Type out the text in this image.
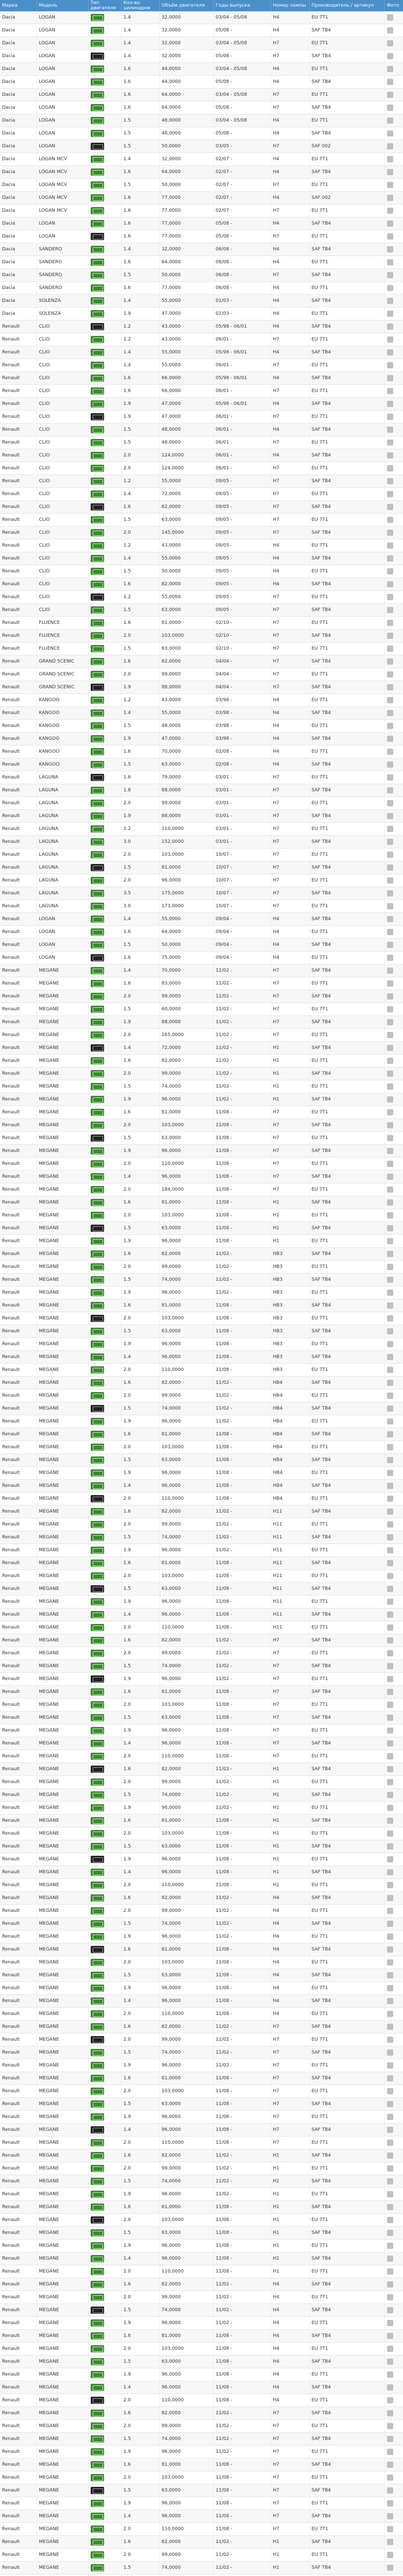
Марка	Модель	Тип двигателя	Кол-во цилиндров	Объём двигателя	Годы выпуска	Номер лампы	Производитель / артикул	Фото
Dacia	LOGAN		1.4	32,0000	03/04 - 05/08	H4	EU 7T1	
Dacia	LOGAN		1.4	32,0000	05/08 -	H4	SAF TB4	
Dacia	LOGAN		1.4	32,0000	03/04 - 05/08	H7	EU 7T1	
Dacia	LOGAN		1.4	32,0000	05/08 -	H7	SAF TB4	
Dacia	LOGAN		1.6	44,0000	03/04 - 05/08	H4	EU 7T1	
Dacia	LOGAN		1.6	44,0000	05/08 -	H4	SAF TB4	
Dacia	LOGAN		1.6	64,0000	03/04 - 05/08	H7	EU 7T1	
Dacia	LOGAN		1.6	64,0000	05/08 -	H7	SAF TB4	
Dacia	LOGAN		1.5	48,0000	03/04 - 05/08	H4	EU 7T1	
Dacia	LOGAN		1.5	48,0000	05/08 -	H4	SAF TB4	
Dacia	LOGAN		1.5	50,0000	03/05 -	H7	SAF 002	
Dacia	LOGAN MCV		1.4	32,0000	02/07 -	H4	EU 7T1	
Dacia	LOGAN MCV		1.6	64,0000	02/07 -	H4	SAF TB4	
Dacia	LOGAN MCV		1.5	50,0000	02/07 -	H7	EU 7T1	
Dacia	LOGAN MCV		1.6	77,0000	02/07 -	H4	SAF 002	
Dacia	LOGAN MCV		1.6	77,0000	02/07 -	H7	EU 7T1	
Dacia	LOGAN		1.6	77,0000	05/08 -	H4	SAF TB4	
Dacia	LOGAN		1.6	77,0000	05/08 -	H7	EU 7T1	
Dacia	SANDERO		1.4	32,0000	06/08 -	H4	SAF TB4	
Dacia	SANDERO		1.6	64,0000	06/08 -	H4	EU 7T1	
Dacia	SANDERO		1.5	50,0000	06/08 -	H7	SAF TB4	
Dacia	SANDERO		1.6	77,0000	06/08 -	H4	EU 7T1	
Dacia	SOLENZA		1.4	55,0000	01/03 -	H4	SAF TB4	
Dacia	SOLENZA		1.9	47,0000	01/03 -	H4	EU 7T1	
Renault	CLIO		1.2	43,0000	05/98 - 06/01	H4	SAF TB4	
Renault	CLIO		1.2	43,0000	06/01 -	H7	EU 7T1	
Renault	CLIO		1.4	55,0000	05/98 - 06/01	H4	SAF TB4	
Renault	CLIO		1.4	55,0000	06/01 -	H7	EU 7T1	
Renault	CLIO		1.6	66,0000	05/98 - 06/01	H4	SAF TB4	
Renault	CLIO		1.6	66,0000	06/01 -	H7	EU 7T1	
Renault	CLIO		1.9	47,0000	05/98 - 06/01	H4	SAF TB4	
Renault	CLIO		1.9	47,0000	06/01 -	H7	EU 7T1	
Renault	CLIO		1.5	48,0000	06/01 -	H4	SAF TB4	
Renault	CLIO		1.5	48,0000	06/01 -	H7	EU 7T1	
Renault	CLIO		2.0	124,0000	06/01 -	H4	SAF TB4	
Renault	CLIO		2.0	124,0000	06/01 -	H7	EU 7T1	
Renault	CLIO		1.2	55,0000	09/05 -	H7	SAF TB4	
Renault	CLIO		1.4	72,0000	09/05 -	H7	EU 7T1	
Renault	CLIO		1.6	82,0000	09/05 -	H7	SAF TB4	
Renault	CLIO		1.5	63,0000	09/05 -	H7	EU 7T1	
Renault	CLIO		2.0	145,0000	09/05 -	H7	SAF TB4	
Renault	CLIO		1.2	43,0000	09/05 -	H4	EU 7T1	
Renault	CLIO		1.4	55,0000	09/05 -	H4	SAF TB4	
Renault	CLIO		1.5	50,0000	09/05 -	H4	EU 7T1	
Renault	CLIO		1.6	82,0000	09/05 -	H4	SAF TB4	
Renault	CLIO		1.2	55,0000	09/05 -	H7	EU 7T1	
Renault	CLIO		1.5	63,0000	09/05 -	H7	SAF TB4	
Renault	FLUENCE		1.6	81,0000	02/10 -	H7	EU 7T1	
Renault	FLUENCE		2.0	103,0000	02/10 -	H7	SAF TB4	
Renault	FLUENCE		1.5	63,0000	02/10 -	H7	EU 7T1	
Renault	GRAND SCENIC		1.6	82,0000	04/04 -	H7	SAF TB4	
Renault	GRAND SCENIC		2.0	99,0000	04/04 -	H7	EU 7T1	
Renault	GRAND SCENIC		1.9	88,0000	04/04 -	H7	SAF TB4	
Renault	KANGOO		1.2	43,0000	03/98 -	H4	EU 7T1	
Renault	KANGOO		1.4	55,0000	03/98 -	H4	SAF TB4	
Renault	KANGOO		1.5	48,0000	03/98 -	H4	EU 7T1	
Renault	KANGOO		1.9	47,0000	03/98 -	H4	SAF TB4	
Renault	KANGOO		1.6	70,0000	02/08 -	H4	EU 7T1	
Renault	KANGOO		1.5	63,0000	02/08 -	H4	SAF TB4	
Renault	LAGUNA		1.6	79,0000	03/01 -	H7	EU 7T1	
Renault	LAGUNA		1.8	88,0000	03/01 -	H7	SAF TB4	
Renault	LAGUNA		2.0	99,0000	03/01 -	H7	EU 7T1	
Renault	LAGUNA		1.9	88,0000	03/01 -	H7	SAF TB4	
Renault	LAGUNA		2.2	110,0000	03/01 -	H7	EU 7T1	
Renault	LAGUNA		3.0	152,0000	03/01 -	H7	SAF TB4	
Renault	LAGUNA		2.0	103,0000	10/07 -	H7	EU 7T1	
Renault	LAGUNA		1.5	81,0000	10/07 -	H7	SAF TB4	
Renault	LAGUNA		2.0	96,0000	10/07 -	H7	EU 7T1	
Renault	LAGUNA		3.5	175,0000	10/07 -	H7	SAF TB4	
Renault	LAGUNA		3.0	173,0000	10/07 -	H7	EU 7T1	
Renault	LOGAN		1.4	55,0000	09/04 -	H4	SAF TB4	
Renault	LOGAN		1.6	64,0000	09/04 -	H4	EU 7T1	
Renault	LOGAN		1.5	50,0000	09/04 -	H4	SAF TB4	
Renault	LOGAN		1.6	75,0000	09/04 -	H4	EU 7T1	
Renault	MEGANE		1.4	70,0000	11/02 -	H7	SAF TB4	
Renault	MEGANE		1.6	83,0000	11/02 -	H7	EU 7T1	
Renault	MEGANE		2.0	99,0000	11/02 -	H7	SAF TB4	
Renault	MEGANE		1.5	60,0000	11/02 -	H7	EU 7T1	
Renault	MEGANE		1.9	88,0000	11/02 -	H7	SAF TB4	
Renault	MEGANE		2.0	165,0000	11/02 -	H7	EU 7T1	
Renault	MEGANE		1.4	72,0000	11/02 -	H1	SAF TB4	
Renault	MEGANE		1.6	82,0000	11/02 -	H1	EU 7T1	
Renault	MEGANE		2.0	99,0000	11/02 -	H1	SAF TB4	
Renault	MEGANE		1.5	74,0000	11/02 -	H1	EU 7T1	
Renault	MEGANE		1.9	96,0000	11/02 -	H1	SAF TB4	
Renault	MEGANE		1.6	81,0000	11/08 -	H7	EU 7T1	
Renault	MEGANE		2.0	103,0000	11/08 -	H7	SAF TB4	
Renault	MEGANE		1.5	63,0000	11/08 -	H7	EU 7T1	
Renault	MEGANE		1.9	96,0000	11/08 -	H7	SAF TB4	
Renault	MEGANE		2.0	110,0000	11/08 -	H7	EU 7T1	
Renault	MEGANE		1.4	96,0000	11/08 -	H7	SAF TB4	
Renault	MEGANE		2.0	184,0000	11/08 -	H7	EU 7T1	
Renault	MEGANE		1.6	81,0000	11/08 -	H1	SAF TB4	
Renault	MEGANE		2.0	103,0000	11/08 -	H1	EU 7T1	
Renault	MEGANE		1.5	63,0000	11/08 -	H1	SAF TB4	
Renault	MEGANE		1.9	96,0000	11/08 -	H1	EU 7T1	
Renault	MEGANE		1.6	82,0000	11/02 -	HB3	SAF TB4	
Renault	MEGANE		2.0	99,0000	11/02 -	HB3	EU 7T1	
Renault	MEGANE		1.5	74,0000	11/02 -	HB3	SAF TB4	
Renault	MEGANE		1.9	96,0000	11/02 -	HB3	EU 7T1	
Renault	MEGANE		1.6	81,0000	11/08 -	HB3	SAF TB4	
Renault	MEGANE		2.0	103,0000	11/08 -	HB3	EU 7T1	
Renault	MEGANE		1.5	63,0000	11/08 -	HB3	SAF TB4	
Renault	MEGANE		1.9	96,0000	11/08 -	HB3	EU 7T1	
Renault	MEGANE		1.4	96,0000	11/08 -	HB3	SAF TB4	
Renault	MEGANE		2.0	110,0000	11/08 -	HB3	EU 7T1	
Renault	MEGANE		1.6	82,0000	11/02 -	HB4	SAF TB4	
Renault	MEGANE		2.0	99,0000	11/02 -	HB4	EU 7T1	
Renault	MEGANE		1.5	74,0000	11/02 -	HB4	SAF TB4	
Renault	MEGANE		1.9	96,0000	11/02 -	HB4	EU 7T1	
Renault	MEGANE		1.6	81,0000	11/08 -	HB4	SAF TB4	
Renault	MEGANE		2.0	103,0000	11/08 -	HB4	EU 7T1	
Renault	MEGANE		1.5	63,0000	11/08 -	HB4	SAF TB4	
Renault	MEGANE		1.9	96,0000	11/08 -	HB4	EU 7T1	
Renault	MEGANE		1.4	96,0000	11/08 -	HB4	SAF TB4	
Renault	MEGANE		2.0	110,0000	11/08 -	HB4	EU 7T1	
Renault	MEGANE		1.6	82,0000	11/02 -	H11	SAF TB4	
Renault	MEGANE		2.0	99,0000	11/02 -	H11	EU 7T1	
Renault	MEGANE		1.5	74,0000	11/02 -	H11	SAF TB4	
Renault	MEGANE		1.9	96,0000	11/02 -	H11	EU 7T1	
Renault	MEGANE		1.6	81,0000	11/08 -	H11	SAF TB4	
Renault	MEGANE		2.0	103,0000	11/08 -	H11	EU 7T1	
Renault	MEGANE		1.5	63,0000	11/08 -	H11	SAF TB4	
Renault	MEGANE		1.9	96,0000	11/08 -	H11	EU 7T1	
Renault	MEGANE		1.4	96,0000	11/08 -	H11	SAF TB4	
Renault	MEGANE		2.0	110,0000	11/08 -	H11	EU 7T1	
Renault	MEGANE		1.6	82,0000	11/02 -	H7	SAF TB4	
Renault	MEGANE		2.0	99,0000	11/02 -	H7	EU 7T1	
Renault	MEGANE		1.5	74,0000	11/02 -	H7	SAF TB4	
Renault	MEGANE		1.9	96,0000	11/02 -	H7	EU 7T1	
Renault	MEGANE		1.6	81,0000	11/08 -	H7	SAF TB4	
Renault	MEGANE		2.0	103,0000	11/08 -	H7	EU 7T1	
Renault	MEGANE		1.5	63,0000	11/08 -	H7	SAF TB4	
Renault	MEGANE		1.9	96,0000	11/08 -	H7	EU 7T1	
Renault	MEGANE		1.4	96,0000	11/08 -	H7	SAF TB4	
Renault	MEGANE		2.0	110,0000	11/08 -	H7	EU 7T1	
Renault	MEGANE		1.6	82,0000	11/02 -	H1	SAF TB4	
Renault	MEGANE		2.0	99,0000	11/02 -	H1	EU 7T1	
Renault	MEGANE		1.5	74,0000	11/02 -	H1	SAF TB4	
Renault	MEGANE		1.9	96,0000	11/02 -	H1	EU 7T1	
Renault	MEGANE		1.6	81,0000	11/08 -	H1	SAF TB4	
Renault	MEGANE		2.0	103,0000	11/08 -	H1	EU 7T1	
Renault	MEGANE		1.5	63,0000	11/08 -	H1	SAF TB4	
Renault	MEGANE		1.9	96,0000	11/08 -	H1	EU 7T1	
Renault	MEGANE		1.4	96,0000	11/08 -	H1	SAF TB4	
Renault	MEGANE		2.0	110,0000	11/08 -	H1	EU 7T1	
Renault	MEGANE		1.6	82,0000	11/02 -	H4	SAF TB4	
Renault	MEGANE		2.0	99,0000	11/02 -	H4	EU 7T1	
Renault	MEGANE		1.5	74,0000	11/02 -	H4	SAF TB4	
Renault	MEGANE		1.9	96,0000	11/02 -	H4	EU 7T1	
Renault	MEGANE		1.6	81,0000	11/08 -	H4	SAF TB4	
Renault	MEGANE		2.0	103,0000	11/08 -	H4	EU 7T1	
Renault	MEGANE		1.5	63,0000	11/08 -	H4	SAF TB4	
Renault	MEGANE		1.9	96,0000	11/08 -	H4	EU 7T1	
Renault	MEGANE		1.4	96,0000	11/08 -	H4	SAF TB4	
Renault	MEGANE		2.0	110,0000	11/08 -	H4	EU 7T1	
Renault	MEGANE		1.6	82,0000	11/02 -	H7	SAF TB4	
Renault	MEGANE		2.0	99,0000	11/02 -	H7	EU 7T1	
Renault	MEGANE		1.5	74,0000	11/02 -	H7	SAF TB4	
Renault	MEGANE		1.9	96,0000	11/02 -	H7	EU 7T1	
Renault	MEGANE		1.6	81,0000	11/08 -	H7	SAF TB4	
Renault	MEGANE		2.0	103,0000	11/08 -	H7	EU 7T1	
Renault	MEGANE		1.5	63,0000	11/08 -	H7	SAF TB4	
Renault	MEGANE		1.9	96,0000	11/08 -	H7	EU 7T1	
Renault	MEGANE		1.4	96,0000	11/08 -	H7	SAF TB4	
Renault	MEGANE		2.0	110,0000	11/08 -	H7	EU 7T1	
Renault	MEGANE		1.6	82,0000	11/02 -	H1	SAF TB4	
Renault	MEGANE		2.0	99,0000	11/02 -	H1	EU 7T1	
Renault	MEGANE		1.5	74,0000	11/02 -	H1	SAF TB4	
Renault	MEGANE		1.9	96,0000	11/02 -	H1	EU 7T1	
Renault	MEGANE		1.6	81,0000	11/08 -	H1	SAF TB4	
Renault	MEGANE		2.0	103,0000	11/08 -	H1	EU 7T1	
Renault	MEGANE		1.5	63,0000	11/08 -	H1	SAF TB4	
Renault	MEGANE		1.9	96,0000	11/08 -	H1	EU 7T1	
Renault	MEGANE		1.4	96,0000	11/08 -	H1	SAF TB4	
Renault	MEGANE		2.0	110,0000	11/08 -	H1	EU 7T1	
Renault	MEGANE		1.6	82,0000	11/02 -	H4	SAF TB4	
Renault	MEGANE		2.0	99,0000	11/02 -	H4	EU 7T1	
Renault	MEGANE		1.5	74,0000	11/02 -	H4	SAF TB4	
Renault	MEGANE		1.9	96,0000	11/02 -	H4	EU 7T1	
Renault	MEGANE		1.6	81,0000	11/08 -	H4	SAF TB4	
Renault	MEGANE		2.0	103,0000	11/08 -	H4	EU 7T1	
Renault	MEGANE		1.5	63,0000	11/08 -	H4	SAF TB4	
Renault	MEGANE		1.9	96,0000	11/08 -	H4	EU 7T1	
Renault	MEGANE		1.4	96,0000	11/08 -	H4	SAF TB4	
Renault	MEGANE		2.0	110,0000	11/08 -	H4	EU 7T1	
Renault	MEGANE		1.6	82,0000	11/02 -	H7	SAF TB4	
Renault	MEGANE		2.0	99,0000	11/02 -	H7	EU 7T1	
Renault	MEGANE		1.5	74,0000	11/02 -	H7	SAF TB4	
Renault	MEGANE		1.9	96,0000	11/02 -	H7	EU 7T1	
Renault	MEGANE		1.6	81,0000	11/08 -	H7	SAF TB4	
Renault	MEGANE		2.0	103,0000	11/08 -	H7	EU 7T1	
Renault	MEGANE		1.5	63,0000	11/08 -	H7	SAF TB4	
Renault	MEGANE		1.9	96,0000	11/08 -	H7	EU 7T1	
Renault	MEGANE		1.4	96,0000	11/08 -	H7	SAF TB4	
Renault	MEGANE		2.0	110,0000	11/08 -	H7	EU 7T1	
Renault	MEGANE		1.6	82,0000	11/02 -	H1	SAF TB4	
Renault	MEGANE		2.0	99,0000	11/02 -	H1	EU 7T1	
Renault	MEGANE		1.5	74,0000	11/02 -	H1	SAF TB4	
